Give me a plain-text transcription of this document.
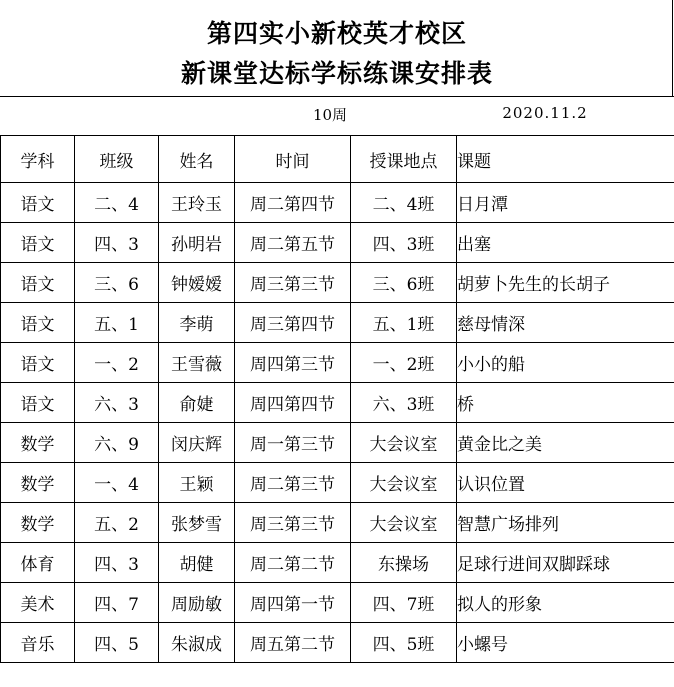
第四实小新校英才校区
新课堂达标学标练课安排表
10周	2020.11.2
学科	班级	姓名	时间	授课地点	课题
语文	二、4	王玲玉	周二第四节	二、4班	日月潭
语文	四、3	孙明岩	周二第五节	四、3班	出塞
语文	三、6	钟嫒嫒	周三第三节	三、6班	胡萝卜先生的长胡子
语文	五、1	李萌	周三第四节	五、1班	慈母情深
语文	一、2	王雪薇	周四第三节	一、2班	小小的船
语文	六、3	俞婕	周四第四节	六、3班	桥
数学	六、9	闵庆辉	周一第三节	大会议室	黄金比之美
数学	一、4	王颖	周二第三节	大会议室	认识位置
数学	五、2	张梦雪	周三第三节	大会议室	智慧广场排列
体育	四、3	胡健	周二第二节	东操场	足球行进间双脚踩球
美术	四、7	周励敏	周四第一节	四、7班	拟人的形象
音乐	四、5	朱淑成	周五第二节	四、5班	小螺号
